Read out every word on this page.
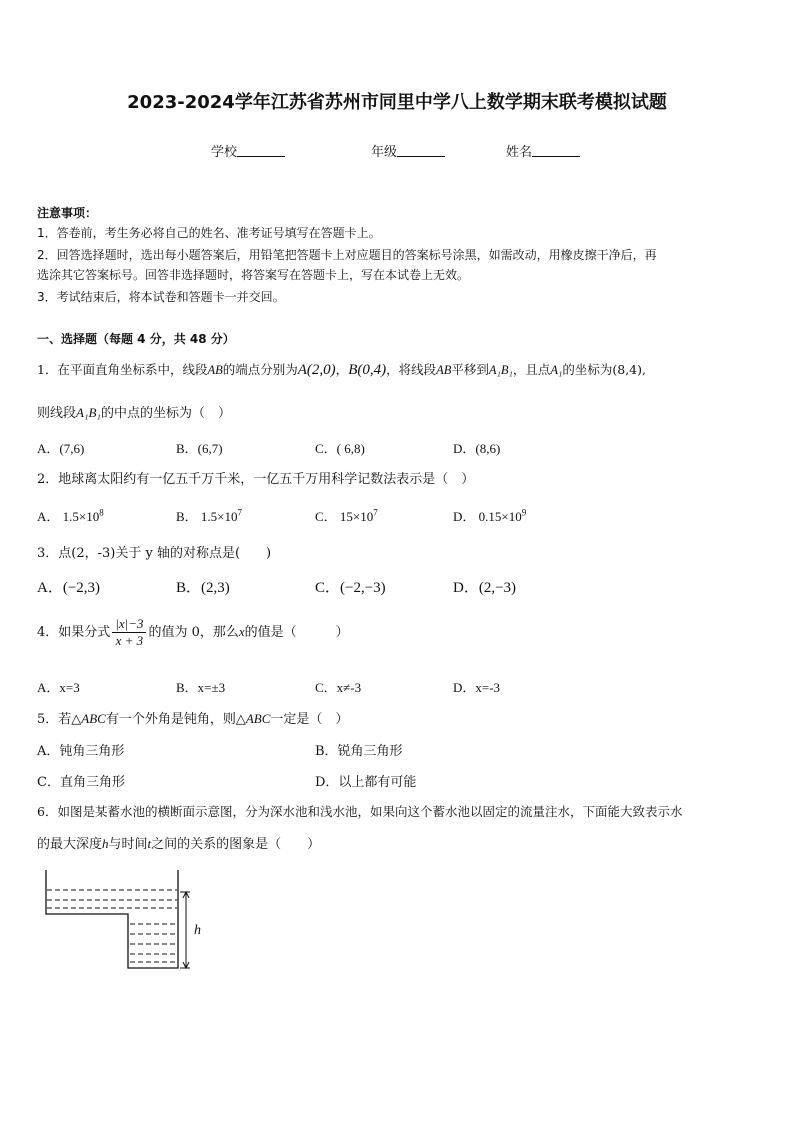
2023-2024学年江苏省苏州市同里中学八上数学期末联考模拟试题
学校	年级	姓名
注意事项：
1．答卷前，考生务必将自己的姓名、准考证号填写在答题卡上。
2．回答选择题时，选出每小题答案后，用铅笔把答题卡上对应题目的答案标号涂黑，如需改动，用橡皮擦干净后，再
选涂其它答案标号。回答非选择题时，将答案写在答题卡上，写在本试卷上无效。
3．考试结束后，将本试卷和答题卡一并交回。
一、选择题（每题 4 分，共 48 分）
1．在平面直角坐标系中，线段AB的端点分别为A(2,0)，B(0,4)，将线段AB平移到A₁B₁，且点A₁的坐标为(8,4),
则线段A₁B₁的中点的坐标为（　）
A．(7,6)	B．(6,7)	C．( 6,8)	D．(8,6)
2．地球离太阳约有一亿五千万千米，一亿五千万用科学记数法表示是（　）
A． $1.5\times 10^8$	B． $1.5\times 10^7$	C． $15\times 10^7$	D． $0.15\times 10^9$
3．点(2，-3)关于 y 轴的对称点是(　　)
A．(−2,3)	B．(2,3)	C．(−2,−3)	D．(2,−3)
4．如果分式 $\frac{|x|-3}{x + 3}$ 的值为 0，那么x的值是（　　　）
A．x=3	B．x=±3	C．x≠-3	D．x=-3
5．若△ABC有一个外角是钝角，则△ABC一定是（　）
A．钝角三角形	B．锐角三角形
C．直角三角形	D．以上都有可能
6．如图是某蓄水池的横断面示意图，分为深水池和浅水池，如果向这个蓄水池以固定的流量注水，下面能大致表示水
的最大深度h与时间t之间的关系的图象是（　　）
h
